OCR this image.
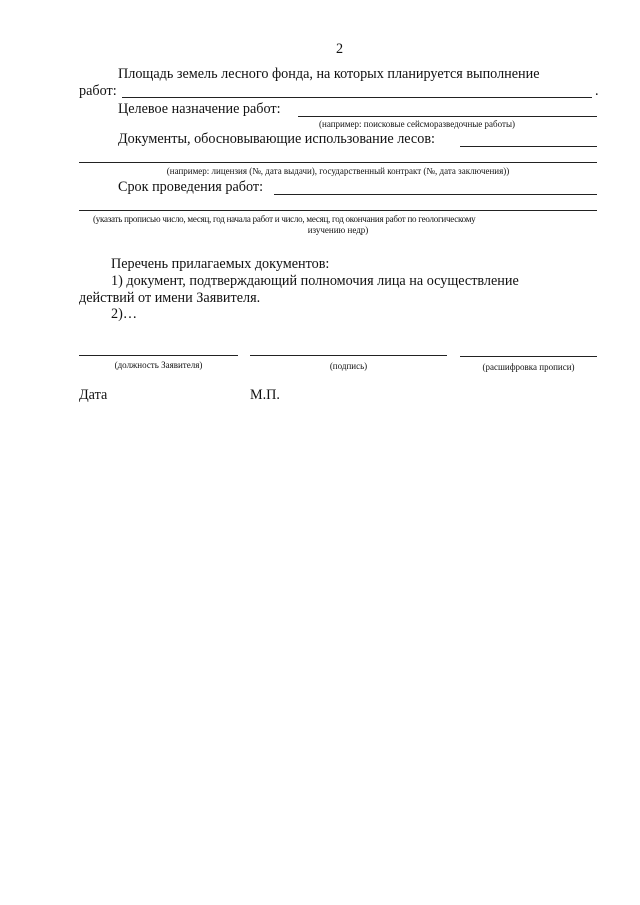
2
Площадь земель лесного фонда, на которых планируется выполнение
работ:	.
Целевое назначение работ:
(например: поисковые сейсморазведочные работы)
Документы, обосновывающие использование лесов:
(например: лицензия (№, дата выдачи), государственный контракт (№, дата заключения))
Срок проведения работ:
(указать прописью число, месяц, год начала работ и число, месяц, год окончания работ по геологическому
изучению недр)
Перечень прилагаемых документов:
1) документ, подтверждающий полномочия лица на осуществление
действий от имени Заявителя.
2)…
(должность Заявителя)	(подпись)	(расшифровка прописи)
Дата	М.П.
